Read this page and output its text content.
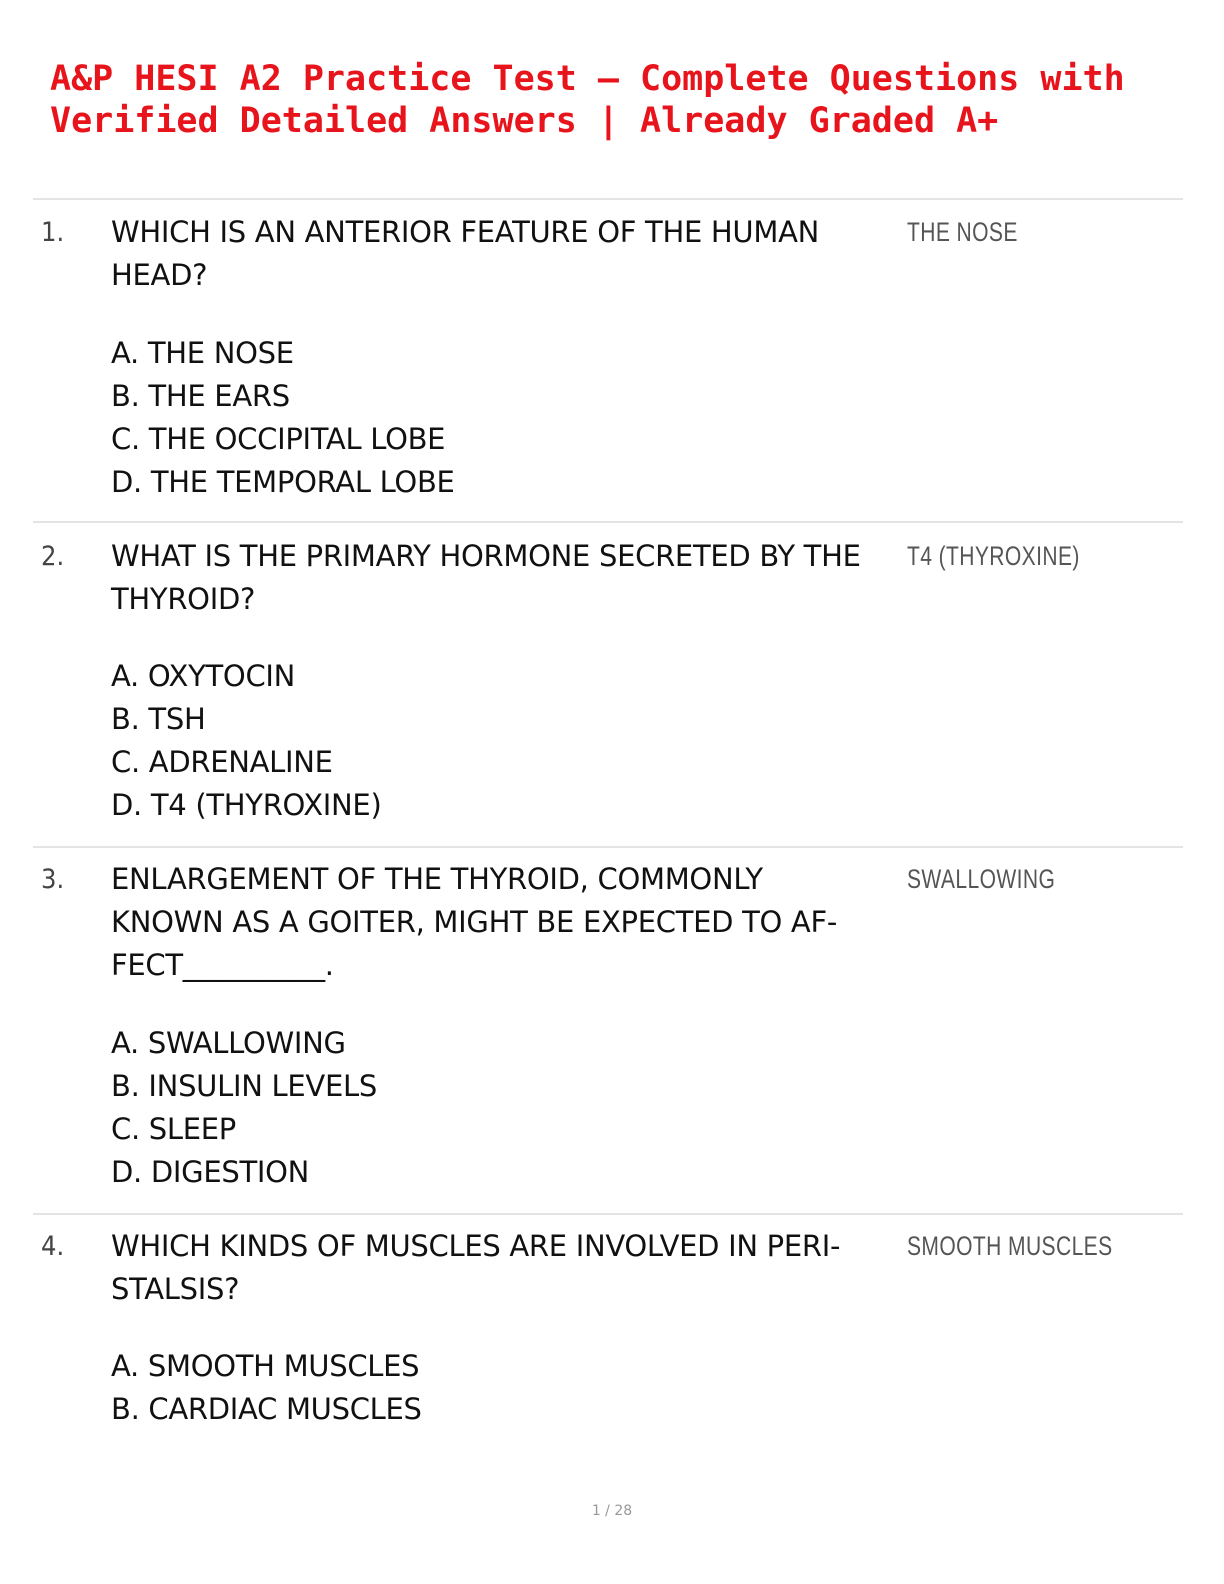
A&P HESI A2 Practice Test – Complete Questions with
Verified Detailed Answers | Already Graded A+
1. WHICH IS AN ANTERIOR FEATURE OF THE HUMAN
HEAD?

THE NOSE
A. THE NOSE
B. THE EARS
C. THE OCCIPITAL LOBE
D. THE TEMPORAL LOBE
2. WHAT IS THE PRIMARY HORMONE SECRETED BY THE
THYROID?

T4 (THYROXINE)
A. OXYTOCIN
B. TSH
C. ADRENALINE
D. T4 (THYROXINE)
3. ENLARGEMENT OF THE THYROID, COMMONLY
KNOWN AS A GOITER, MIGHT BE EXPECTED TO AF-
FECT__________.

SWALLOWING
A. SWALLOWING
B. INSULIN LEVELS
C. SLEEP
D. DIGESTION
4. WHICH KINDS OF MUSCLES ARE INVOLVED IN PERI-
STALSIS?

SMOOTH MUSCLES
A. SMOOTH MUSCLES
B. CARDIAC MUSCLES
1 / 28
